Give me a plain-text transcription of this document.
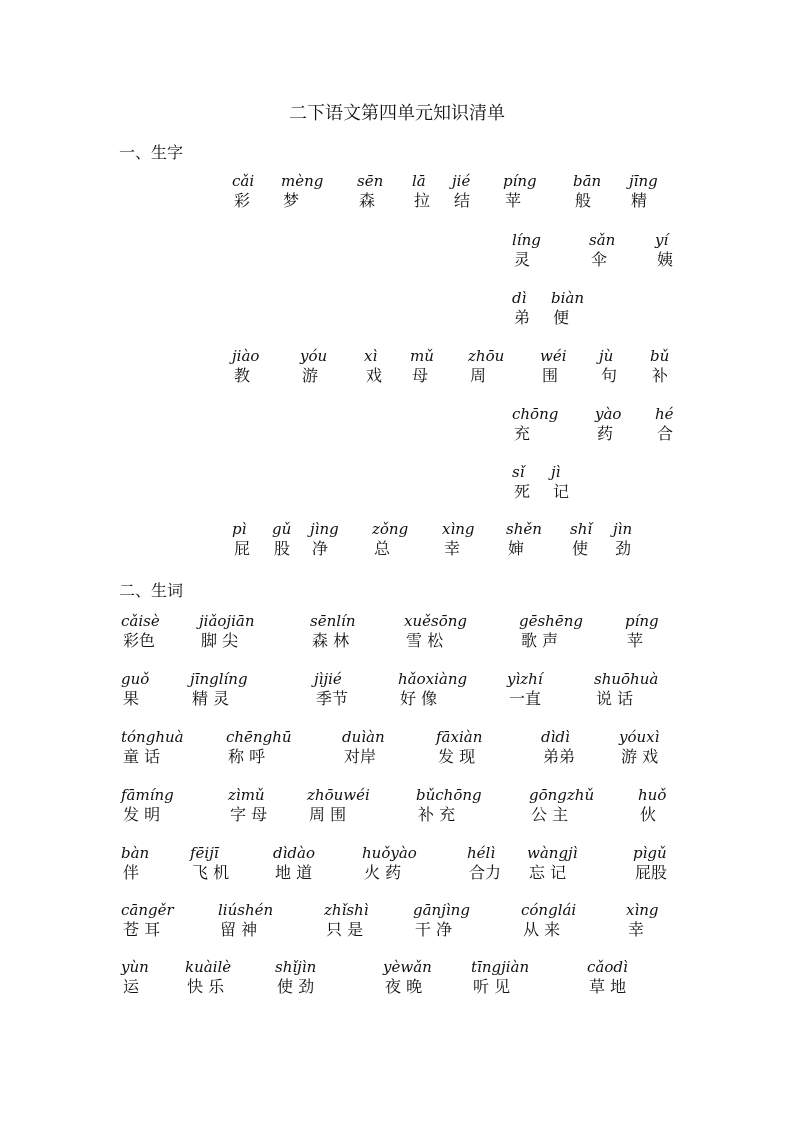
二下语文第四单元知识清单
一、生字
cǎi
彩
mèng
梦
sēn
森
lā
拉
jié
结
píng
苹
bān
般
jīng
精
líng
灵
sǎn
伞
yí
姨
dì
弟
biàn
便
jiào
教
yóu
游
xì
戏
mǔ
母
zhōu
周
wéi
围
jù
句
bǔ
补
chōng
充
yào
药
hé
合
sǐ
死
jì
记
pì
屁
gǔ
股
jìng
净
zǒng
总
xìng
幸
shěn
婶
shǐ
使
jìn
劲
二、生词
cǎisè
彩色
jiǎojiān
脚 尖
sēnlín
森 林
xuěsōng
雪 松
gēshēng
歌 声
píng
苹
guǒ
果
jīnglíng
精 灵
jìjié
季节
hǎoxiàng
好 像
yìzhí
一直
shuōhuà
说 话
tónghuà
童 话
chēnghū
称 呼
duìàn
对岸
fāxiàn
发 现
dìdì
弟弟
yóuxì
游 戏
fāmíng
发 明
zìmǔ
字 母
zhōuwéi
周 围
bǔchōng
补 充
gōngzhǔ
公 主
huǒ
伙
bàn
伴
fēijī
飞 机
dìdào
地 道
huǒyào
火 药
hélì
合力
wàngjì
忘 记
pìgǔ
屁股
cāngěr
苍 耳
liúshén
留 神
zhǐshì
只 是
gānjìng
干 净
cónglái
从 来
xìng
幸
yùn
运
kuàilè
快 乐
shǐjìn
使 劲
yèwǎn
夜 晚
tīngjiàn
听 见
cǎodì
草 地
